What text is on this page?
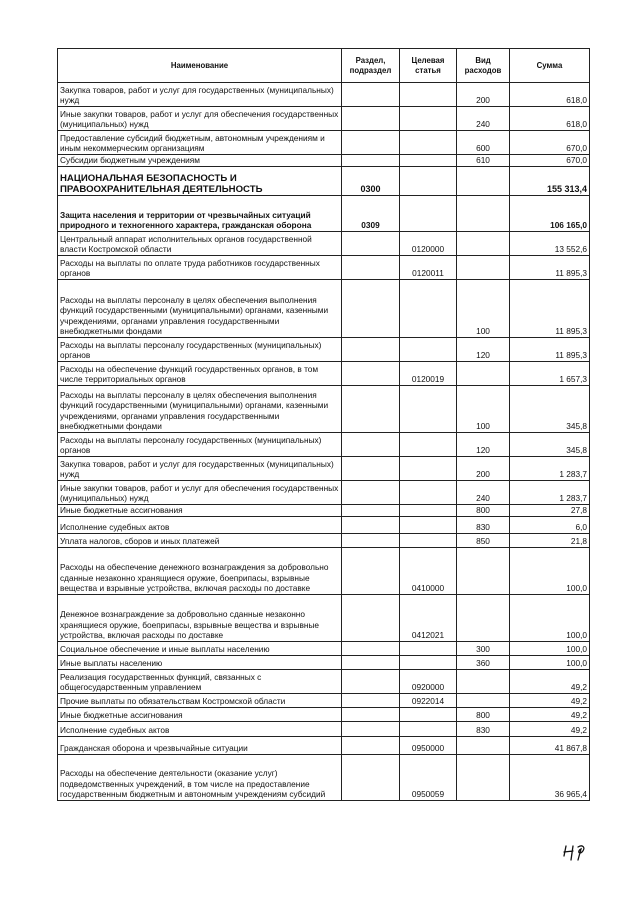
Наименование	Раздел, подраздел	Целевая статья	Вид расходов	Сумма
Закупка товаров, работ и услуг для государственных (муниципальных) нужд			200	618,0
Иные закупки товаров, работ и услуг для обеспечения государственных (муниципальных) нужд			240	618,0
Предоставление субсидий бюджетным, автономным учреждениям и иным некоммерческим организациям			600	670,0
Субсидии бюджетным учреждениям			610	670,0
НАЦИОНАЛЬНАЯ БЕЗОПАСНОСТЬ И ПРАВООХРАНИТЕЛЬНАЯ ДЕЯТЕЛЬНОСТЬ	0300			155 313,4
Защита населения и территории от чрезвычайных ситуаций природного и техногенного характера, гражданская оборона	0309			106 165,0
Центральный аппарат исполнительных органов государственной власти Костромской области		0120000		13 552,6
Расходы на выплаты по оплате труда работников государственных органов		0120011		11 895,3
Расходы на выплаты персоналу в целях обеспечения выполнения функций государственными (муниципальными) органами, казенными учреждениями, органами управления государственными внебюджетными фондами			100	11 895,3
Расходы на выплаты персоналу государственных (муниципальных) органов			120	11 895,3
Расходы на обеспечение функций государственных органов, в том числе территориальных органов		0120019		1 657,3
Расходы на выплаты персоналу в целях обеспечения выполнения функций государственными (муниципальными) органами, казенными учреждениями, органами управления государственными внебюджетными фондами			100	345,8
Расходы на выплаты персоналу государственных (муниципальных) органов			120	345,8
Закупка товаров, работ и услуг для государственных (муниципальных) нужд			200	1 283,7
Иные закупки товаров, работ и услуг для обеспечения государственных (муниципальных) нужд			240	1 283,7
Иные бюджетные ассигнования			800	27,8
Исполнение судебных актов			830	6,0
Уплата налогов, сборов и иных платежей			850	21,8
Расходы на обеспечение денежного вознаграждения за добровольно сданные незаконно хранящиеся оружие, боеприпасы, взрывные вещества и взрывные устройства, включая расходы по доставке		0410000		100,0
Денежное вознаграждение за добровольно сданные незаконно хранящиеся оружие, боеприпасы, взрывные вещества и взрывные устройства, включая расходы по доставке		0412021		100,0
Социальное обеспечение и иные выплаты населению			300	100,0
Иные выплаты населению			360	100,0
Реализация государственных функций, связанных с общегосударственным управлением		0920000		49,2
Прочие выплаты по обязательствам Костромской области		0922014		49,2
Иные бюджетные ассигнования			800	49,2
Исполнение судебных актов			830	49,2
Гражданская оборона и чрезвычайные ситуации		0950000		41 867,8
Расходы на обеспечение деятельности (оказание услуг) подведомственных учреждений, в том числе на предоставление государственным бюджетным и автономным учреждениям субсидий		0950059		36 965,4
